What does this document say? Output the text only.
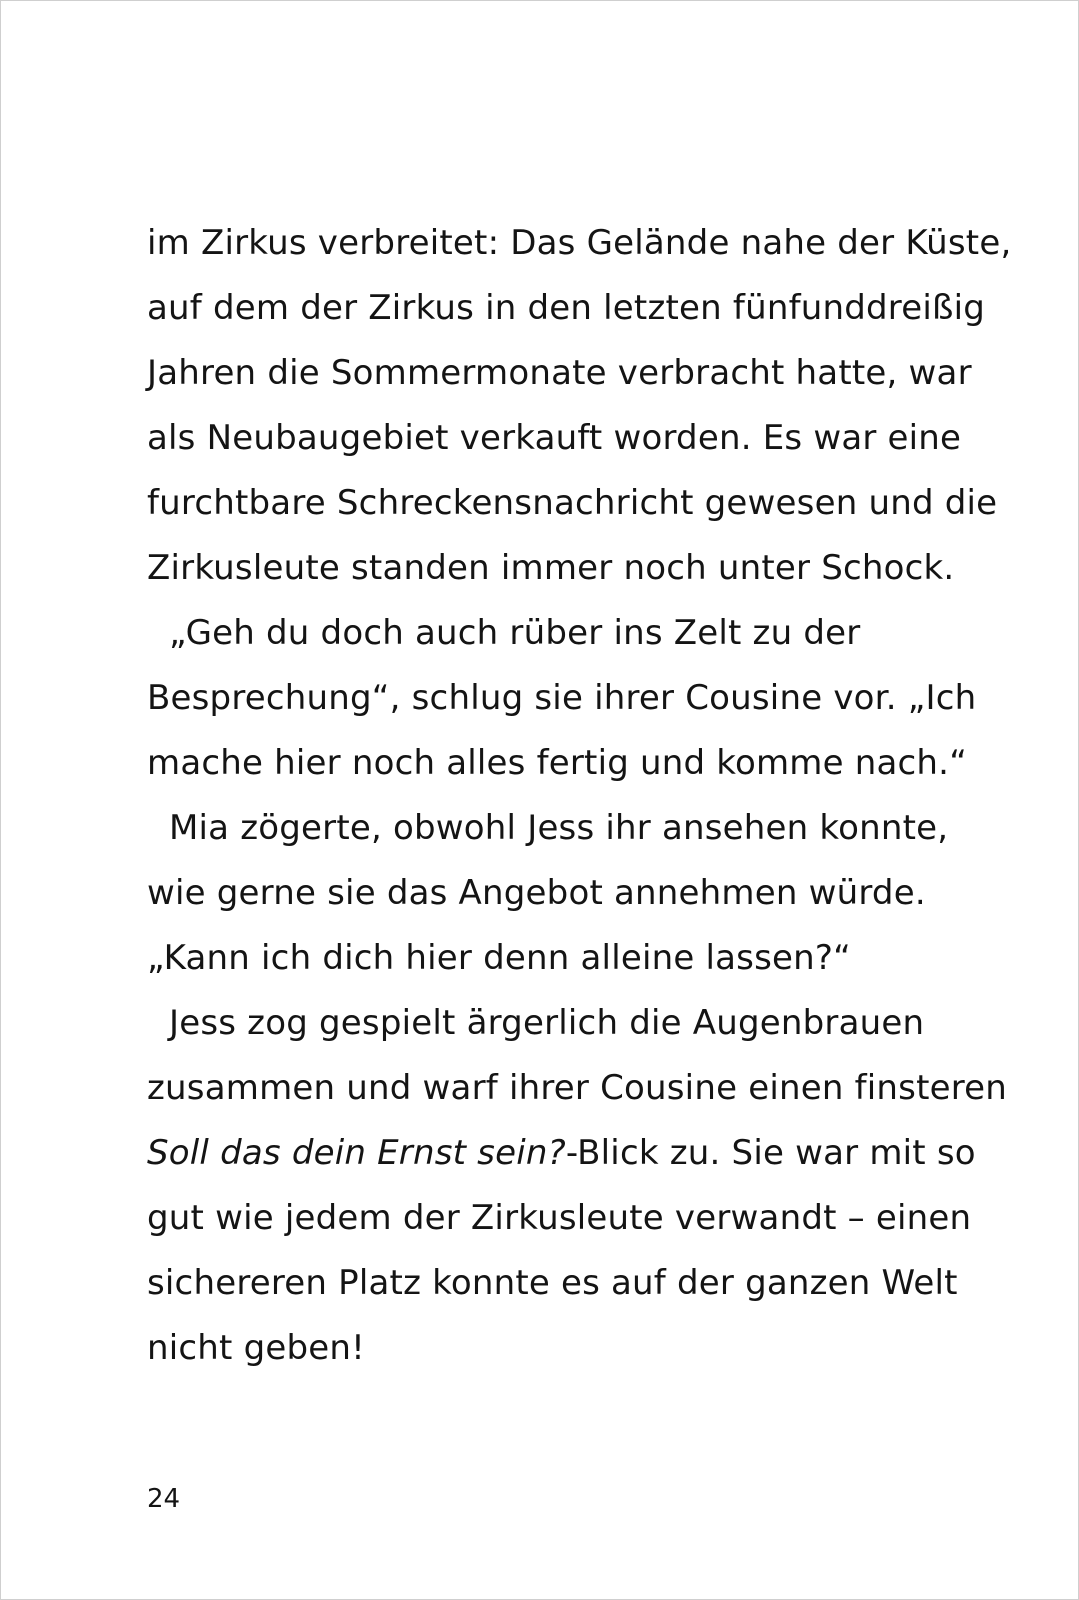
im Zirkus verbreitet: Das Gelände nahe der Küste,
auf dem der Zirkus in den letzten fünfunddreißig
Jahren die Sommermonate verbracht hatte, war
als Neubaugebiet verkauft worden. Es war eine
furchtbare Schreckensnachricht gewesen und die
Zirkusleute standen immer noch unter Schock.
„Geh du doch auch rüber ins Zelt zu der
Besprechung“, schlug sie ihrer Cousine vor. „Ich
mache hier noch alles fertig und komme nach.“
Mia zögerte, obwohl Jess ihr ansehen konnte,
wie gerne sie das Angebot annehmen würde.
„Kann ich dich hier denn alleine lassen?“
Jess zog gespielt ärgerlich die Augenbrauen
zusammen und warf ihrer Cousine einen finsteren
Soll das dein Ernst sein?-Blick zu. Sie war mit so
gut wie jedem der Zirkusleute verwandt – einen
sichereren Platz konnte es auf der ganzen Welt
nicht geben!
24
